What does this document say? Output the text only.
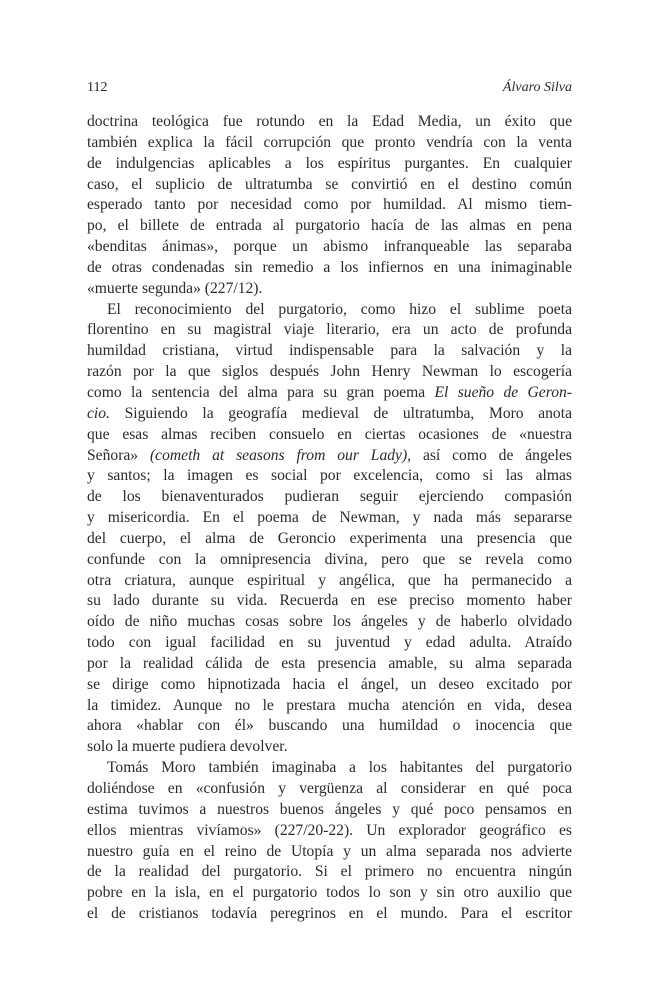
112	Álvaro Silva
doctrina teológica fue rotundo en la Edad Media, un éxito que
también explica la fácil corrupción que pronto vendría con la venta
de indulgencias aplicables a los espíritus purgantes. En cualquier
caso, el suplicio de ultratumba se convirtió en el destino común
esperado tanto por necesidad como por humildad. Al mismo tiem-
po, el billete de entrada al purgatorio hacía de las almas en pena
«benditas ánimas», porque un abismo infranqueable las separaba
de otras condenadas sin remedio a los infiernos en una inimaginable
«muerte segunda» (227/12).
El reconocimiento del purgatorio, como hizo el sublime poeta
florentino en su magistral viaje literario, era un acto de profunda
humildad cristiana, virtud indispensable para la salvación y la
razón por la que siglos después John Henry Newman lo escogería
como la sentencia del alma para su gran poema El sueño de Geron-
cio. Siguiendo la geografía medieval de ultratumba, Moro anota
que esas almas reciben consuelo en ciertas ocasiones de «nuestra
Señora» (cometh at seasons from our Lady), así como de ángeles
y santos; la imagen es social por excelencia, como si las almas
de los bienaventurados pudieran seguir ejerciendo compasión
y misericordia. En el poema de Newman, y nada más separarse
del cuerpo, el alma de Geroncio experimenta una presencia que
confunde con la omnipresencia divina, pero que se revela como
otra criatura, aunque espiritual y angélica, que ha permanecido a
su lado durante su vida. Recuerda en ese preciso momento haber
oído de niño muchas cosas sobre los ángeles y de haberlo olvidado
todo con igual facilidad en su juventud y edad adulta. Atraído
por la realidad cálida de esta presencia amable, su alma separada
se dirige como hipnotizada hacia el ángel, un deseo excitado por
la timidez. Aunque no le prestara mucha atención en vida, desea
ahora «hablar con él» buscando una humildad o inocencia que
solo la muerte pudiera devolver.
Tomás Moro también imaginaba a los habitantes del purgatorio
doliéndose en «confusión y vergüenza al considerar en qué poca
estima tuvimos a nuestros buenos ángeles y qué poco pensamos en
ellos mientras vivíamos» (227/20-22). Un explorador geográfico es
nuestro guía en el reino de Utopía y un alma separada nos advierte
de la realidad del purgatorio. Si el primero no encuentra ningún
pobre en la isla, en el purgatorio todos lo son y sin otro auxilio que
el de cristianos todavía peregrinos en el mundo. Para el escritor
